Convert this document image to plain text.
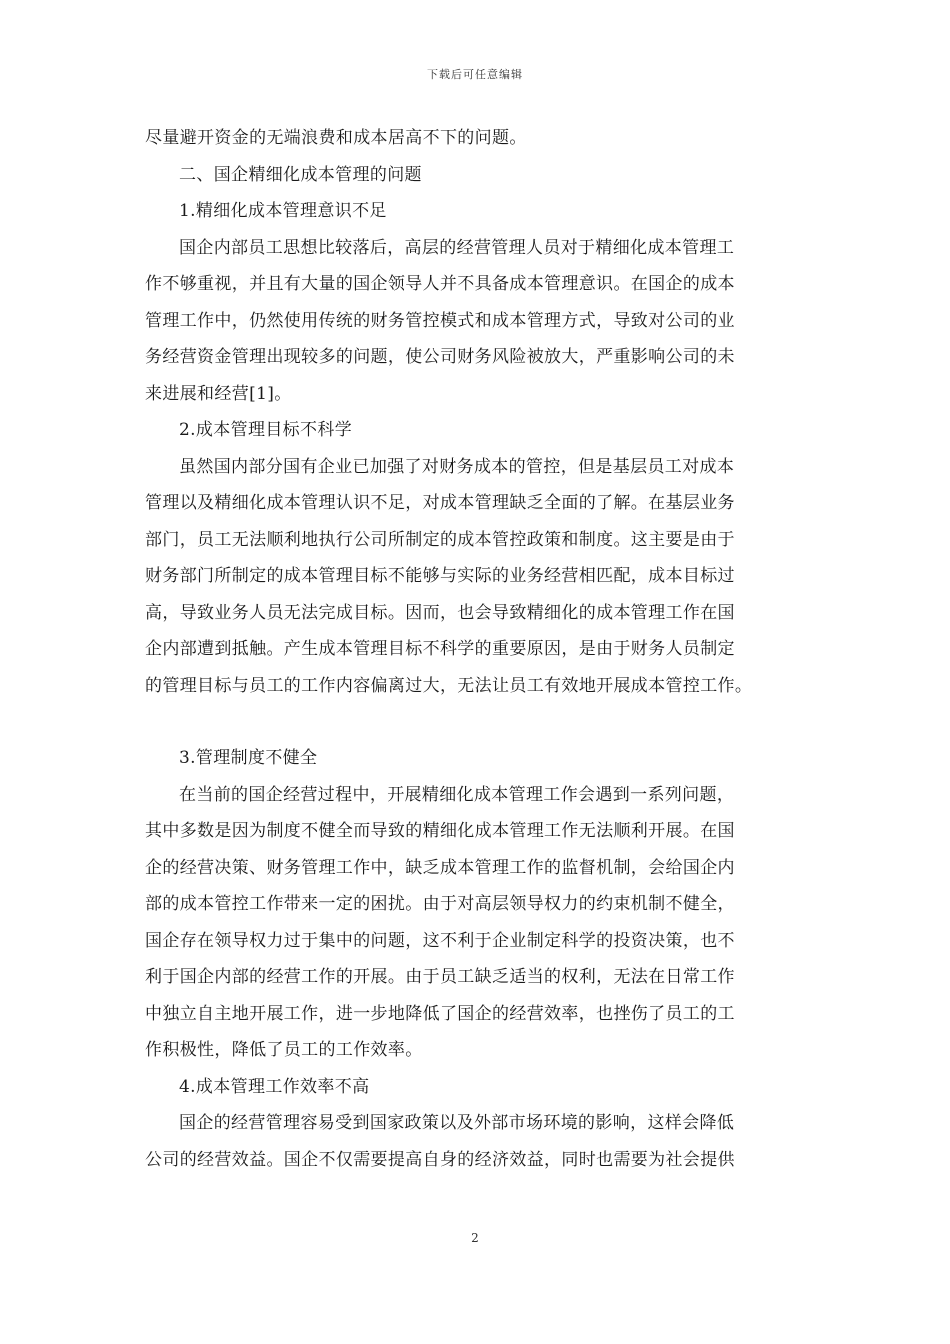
下载后可任意编辑
尽量避开资金的无端浪费和成本居高不下的问题。
二、国企精细化成本管理的问题
1.精细化成本管理意识不足
国企内部员工思想比较落后，高层的经营管理人员对于精细化成本管理工
作不够重视，并且有大量的国企领导人并不具备成本管理意识。在国企的成本
管理工作中，仍然使用传统的财务管控模式和成本管理方式，导致对公司的业
务经营资金管理出现较多的问题，使公司财务风险被放大，严重影响公司的未
来进展和经营[1]。
2.成本管理目标不科学
虽然国内部分国有企业已加强了对财务成本的管控，但是基层员工对成本
管理以及精细化成本管理认识不足，对成本管理缺乏全面的了解。在基层业务
部门，员工无法顺利地执行公司所制定的成本管控政策和制度。这主要是由于
财务部门所制定的成本管理目标不能够与实际的业务经营相匹配，成本目标过
高，导致业务人员无法完成目标。因而，也会导致精细化的成本管理工作在国
企内部遭到抵触。产生成本管理目标不科学的重要原因，是由于财务人员制定
的管理目标与员工的工作内容偏离过大，无法让员工有效地开展成本管控工作。
3.管理制度不健全
在当前的国企经营过程中，开展精细化成本管理工作会遇到一系列问题，
其中多数是因为制度不健全而导致的精细化成本管理工作无法顺利开展。在国
企的经营决策、财务管理工作中，缺乏成本管理工作的监督机制，会给国企内
部的成本管控工作带来一定的困扰。由于对高层领导权力的约束机制不健全，
国企存在领导权力过于集中的问题，这不利于企业制定科学的投资决策，也不
利于国企内部的经营工作的开展。由于员工缺乏适当的权利，无法在日常工作
中独立自主地开展工作，进一步地降低了国企的经营效率，也挫伤了员工的工
作积极性，降低了员工的工作效率。
4.成本管理工作效率不高
国企的经营管理容易受到国家政策以及外部市场环境的影响，这样会降低
公司的经营效益。国企不仅需要提高自身的经济效益，同时也需要为社会提供
2
